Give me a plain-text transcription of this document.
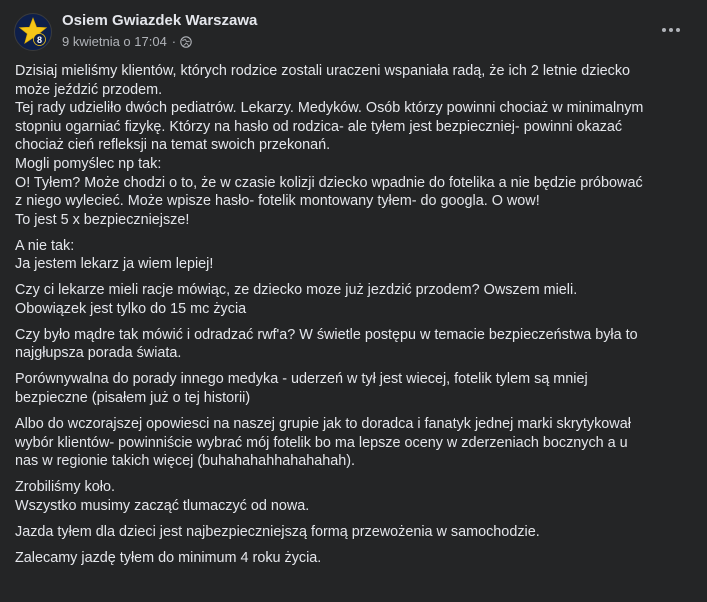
8
Osiem Gwiazdek Warszawa
9 kwietnia o 17:04 ·
Dzisiaj mieliśmy klientów, których rodzice zostali uraczeni wspaniała radą, że ich 2 letnie dziecko
może jeździć przodem.
Tej rady udzieliło dwóch pediatrów. Lekarzy. Medyków. Osób którzy powinni chociaż w minimalnym
stopniu ogarniać fizykę. Którzy na hasło od rodzica- ale tyłem jest bezpieczniej- powinni okazać
chociaż cień refleksji na temat swoich przekonań.
Mogli pomyślec np tak:
O! Tyłem? Może chodzi o to, że w czasie kolizji dziecko wpadnie do fotelika a nie będzie próbować
z niego wylecieć. Może wpisze hasło- fotelik montowany tyłem- do googla. O wow!
To jest 5 x bezpieczniejsze!
A nie tak:
Ja jestem lekarz ja wiem lepiej!
Czy ci lekarze mieli racje mówiąc, ze dziecko moze już jezdzić przodem? Owszem mieli.
Obowiązek jest tylko do 15 mc życia
Czy było mądre tak mówić i odradzać rwf'a? W świetle postępu w temacie bezpieczeństwa była to
najgłupsza porada świata.
Porównywalna do porady innego medyka - uderzeń w tył jest wiecej, fotelik tylem są mniej
bezpieczne (pisałem już o tej historii)
Albo do wczorajszej opowiesci na naszej grupie jak to doradca i fanatyk jednej marki skrytykował
wybór klientów- powinniście wybrać mój fotelik bo ma lepsze oceny w zderzeniach bocznych a u
nas w regionie takich więcej (buhahahahhahahahah).
Zrobiliśmy koło.
Wszystko musimy zacząć tlumaczyć od nowa.
Jazda tyłem dla dzieci jest najbezpieczniejszą formą przewożenia w samochodzie.
Zalecamy jazdę tyłem do minimum 4 roku życia.
